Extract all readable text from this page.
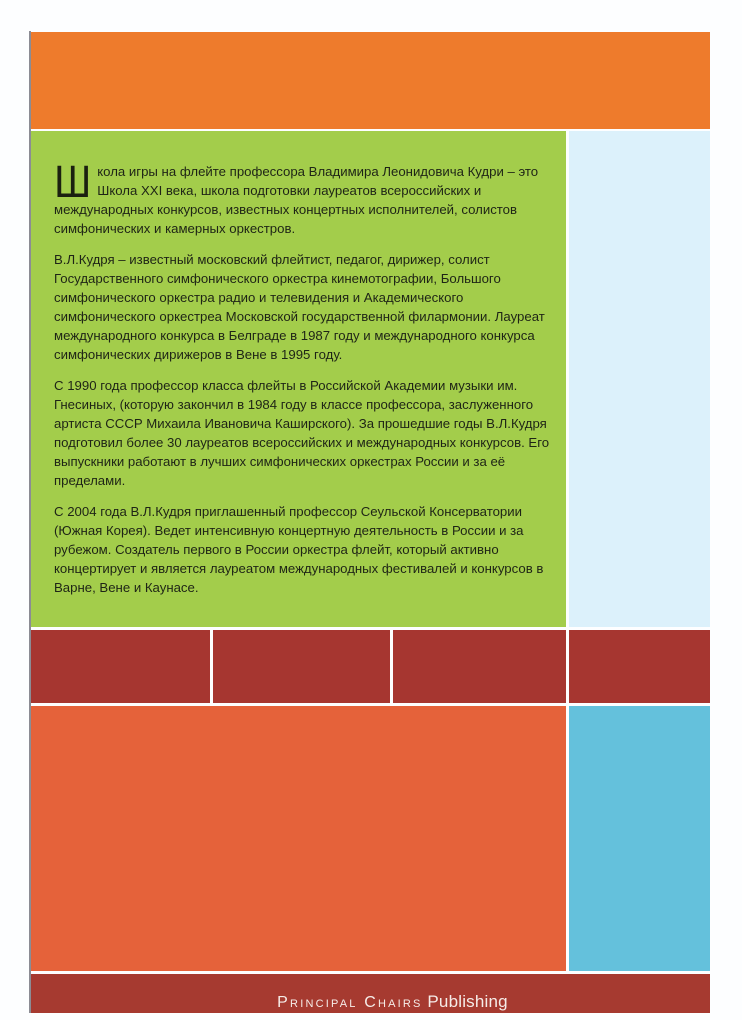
Школа игры на флейте профессора Владимира Леонидовича Кудри – это Школа XXI века, школа подготовки лауреатов всероссийских и международных конкурсов, известных концертных исполнителей, солистов симфонических и камерных оркестров.

В.Л.Кудря – известный московский флейтист, педагог, дирижер, солист Государственного симфонического оркестра кинемотографии, Большого симфонического оркестра радио и телевидения и Академического симфонического оркестреа Московской государственной филармонии. Лауреат международного конкурса в Белграде в 1987 году и международного конкурса симфонических дирижеров в Вене в 1995 году.

С 1990 года профессор класса флейты в Российской Академии музыки им. Гнесиных, (которую закончил в 1984 году в классе профессора, заслуженного артиста СССР Михаила Ивановича Каширского). За прошедшие годы В.Л.Кудря подготовил более 30 лауреатов всероссийских и международных конкурсов. Его выпускники работают в лучших симфонических оркестрах России и за её пределами.

С 2004 года В.Л.Кудря приглашенный профессор Сеульской Консерватории (Южная Корея). Ведет интенсивную концертную деятельность в России и за рубежом. Создатель первого в России оркестра флейт, который активно концертирует и является лауреатом международных фестивалей и конкурсов в Варне, Вене и Каунасе.

Principal Chairs Publishing
